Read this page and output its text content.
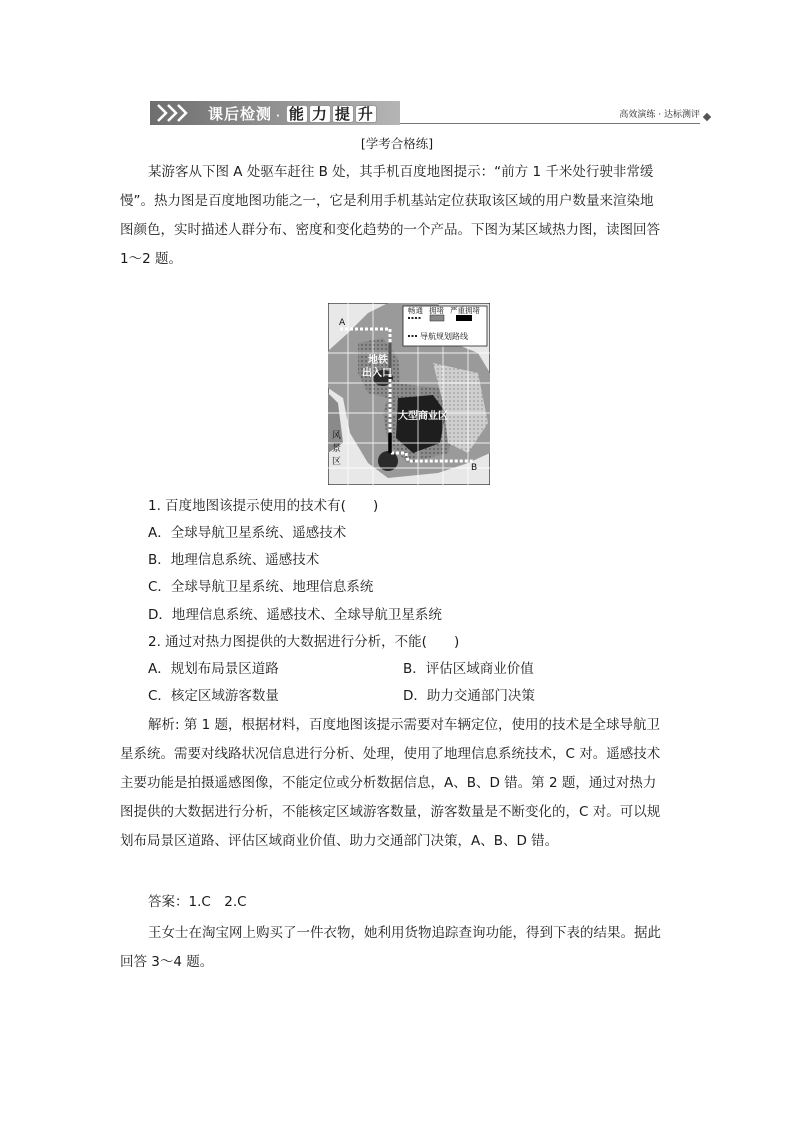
课后检测 · 能 力 提 升	高效演练 · 达标测评
[学考合格练]
某游客从下图 A 处驱车赶往 B 处，其手机百度地图提示：“前方 1 千米处行驶非常缓
慢”。热力图是百度地图功能之一，它是利用手机基站定位获取该区域的用户数量来渲染地
图颜色，实时描述人群分布、密度和变化趋势的一个产品。下图为某区域热力图，读图回答
1～2 题。
畅通 拥堵 严重拥堵
导航规划路线
A
B
地铁
出入口
大型商业区
风
景
区
1. 百度地图该提示使用的技术有(　　)
A．全球导航卫星系统、遥感技术
B．地理信息系统、遥感技术
C．全球导航卫星系统、地理信息系统
D．地理信息系统、遥感技术、全球导航卫星系统
2. 通过对热力图提供的大数据进行分析，不能(　　)
A．规划布局景区道路	B．评估区域商业价值
C．核定区域游客数量	D．助力交通部门决策
解析: 第 1 题，根据材料，百度地图该提示需要对车辆定位，使用的技术是全球导航卫
星系统。需要对线路状况信息进行分析、处理，使用了地理信息系统技术，C 对。遥感技术
主要功能是拍摄遥感图像，不能定位或分析数据信息，A、B、D 错。第 2 题，通过对热力
图提供的大数据进行分析，不能核定区域游客数量，游客数量是不断变化的，C 对。可以规
划布局景区道路、评估区域商业价值、助力交通部门决策，A、B、D 错。
答案：1.C　2.C
王女士在淘宝网上购买了一件衣物，她利用货物追踪查询功能，得到下表的结果。据此
回答 3～4 题。
